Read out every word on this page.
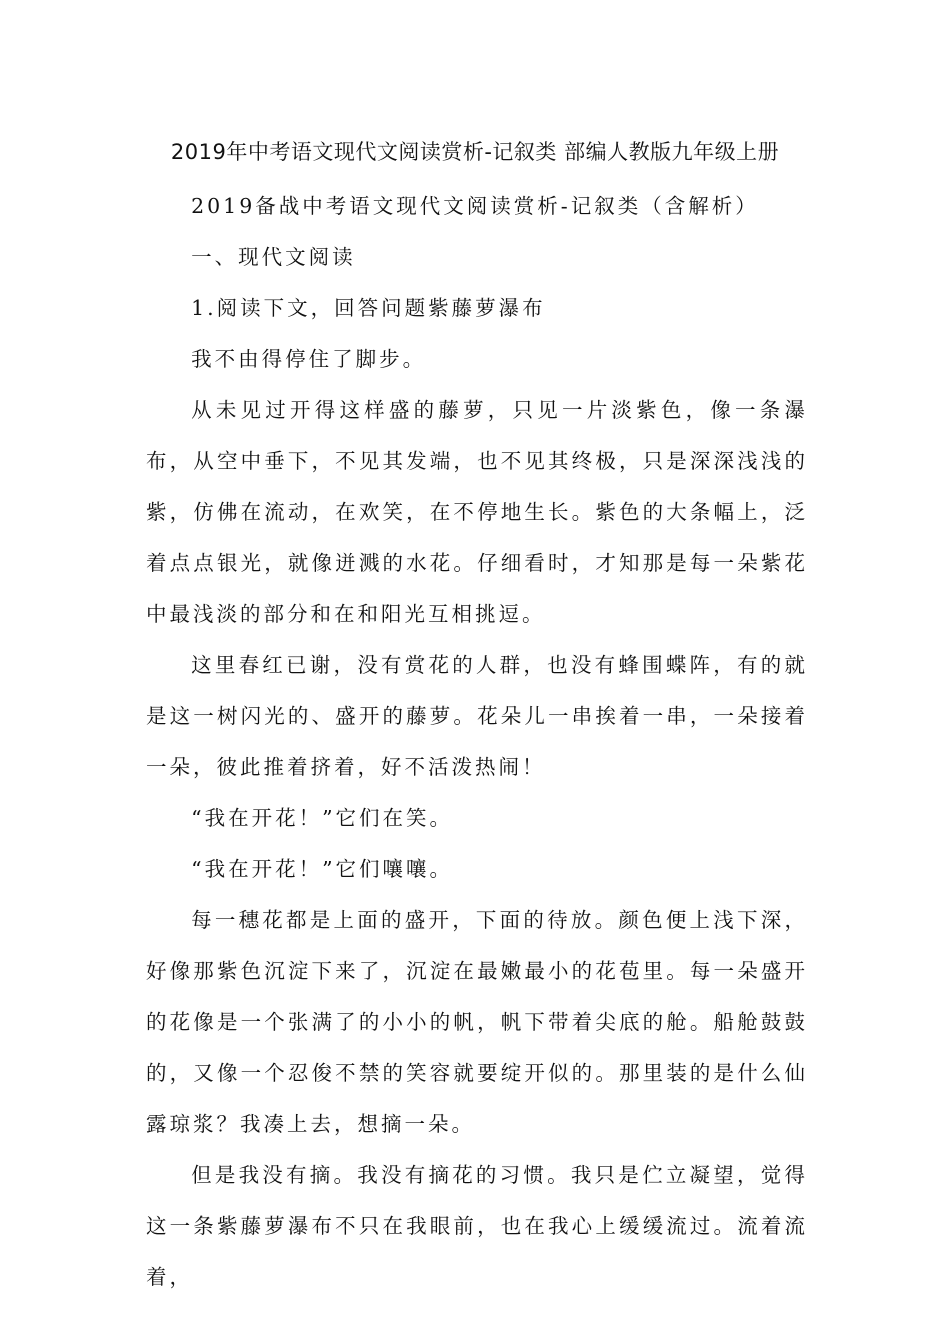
2019年中考语文现代文阅读赏析-记叙类 部编人教版九年级上册

2019备战中考语文现代文阅读赏析-记叙类（含解析）

一、现代文阅读

1.阅读下文，回答问题紫藤萝瀑布

我不由得停住了脚步。

从未见过开得这样盛的藤萝，只见一片淡紫色，像一条瀑布，从空中垂下，不见其发端，也不见其终极，只是深深浅浅的紫，仿佛在流动，在欢笑，在不停地生长。紫色的大条幅上，泛着点点银光，就像迸溅的水花。仔细看时，才知那是每一朵紫花中最浅淡的部分和在和阳光互相挑逗。

这里春红已谢，没有赏花的人群，也没有蜂围蝶阵，有的就是这一树闪光的、盛开的藤萝。花朵儿一串挨着一串，一朵接着一朵，彼此推着挤着，好不活泼热闹！

“我在开花！”它们在笑。

“我在开花！”它们嚷嚷。

每一穗花都是上面的盛开，下面的待放。颜色便上浅下深，好像那紫色沉淀下来了，沉淀在最嫩最小的花苞里。每一朵盛开的花像是一个张满了的小小的帆，帆下带着尖底的舱。船舱鼓鼓的，又像一个忍俊不禁的笑容就要绽开似的。那里装的是什么仙露琼浆？我凑上去，想摘一朵。

但是我没有摘。我没有摘花的习惯。我只是伫立凝望，觉得这一条紫藤萝瀑布不只在我眼前，也在我心上缓缓流过。流着流着，
